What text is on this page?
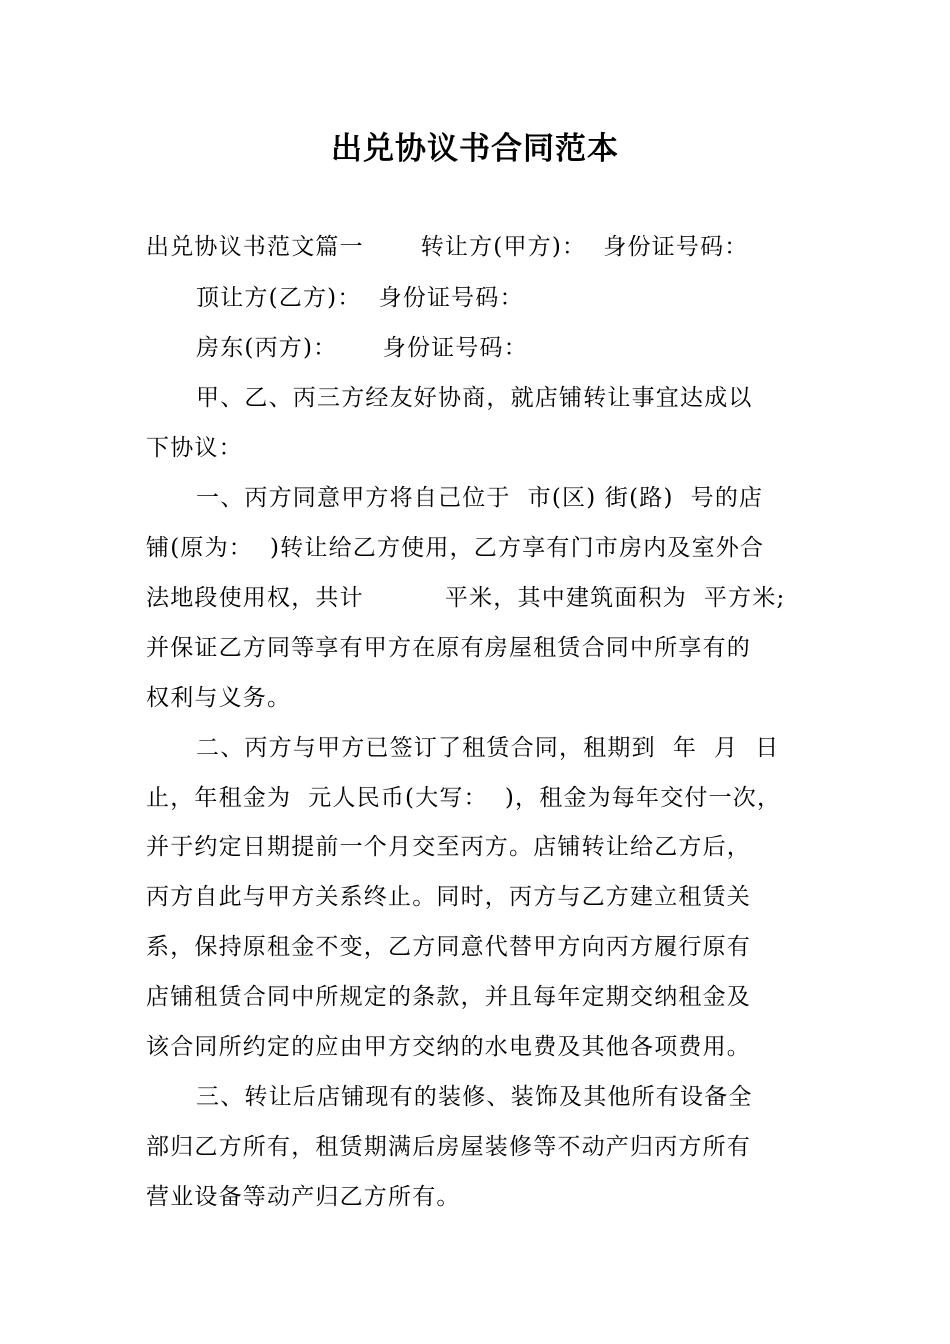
出兑协议书合同范本
出兑协议书范文篇一　　 转让方(甲方)：  身份证号码：
顶让方(乙方)：  身份证号码：
房东(丙方)：　　 身份证号码：
甲、乙、丙三方经友好协商，就店铺转让事宜达成以
下协议：
一、丙方同意甲方将自己位于  市(区) 街(路)  号的店
铺(原为：  )转让给乙方使用，乙方享有门市房内及室外合
法地段使用权，共计　　　 平米，其中建筑面积为  平方米;
并保证乙方同等享有甲方在原有房屋租赁合同中所享有的
权利与义务。
二、丙方与甲方已签订了租赁合同，租期到  年  月  日
止，年租金为  元人民币(大写：  )，租金为每年交付一次，
并于约定日期提前一个月交至丙方。店铺转让给乙方后，
丙方自此与甲方关系终止。同时，丙方与乙方建立租赁关
系，保持原租金不变，乙方同意代替甲方向丙方履行原有
店铺租赁合同中所规定的条款，并且每年定期交纳租金及
该合同所约定的应由甲方交纳的水电费及其他各项费用。
三、转让后店铺现有的装修、装饰及其他所有设备全
部归乙方所有，租赁期满后房屋装修等不动产归丙方所有
营业设备等动产归乙方所有。
